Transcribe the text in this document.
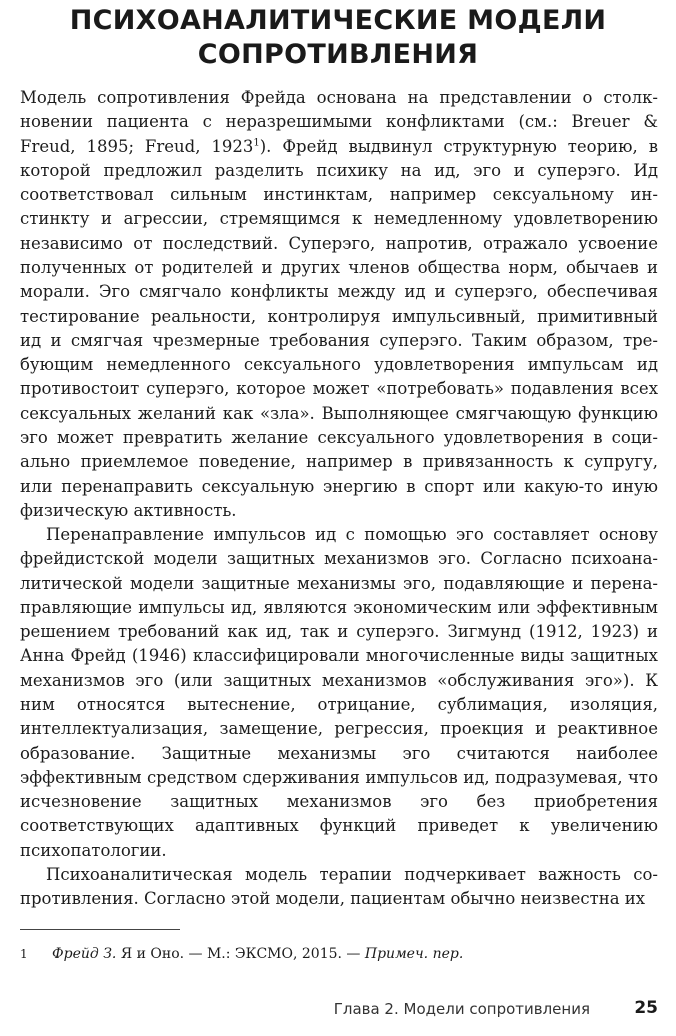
ПСИХОАНАЛИТИЧЕСКИЕ МОДЕЛИ
СОПРОТИВЛЕНИЯ

Модель сопротивления Фрейда основана на представлении о столкновении пациента с неразрешимыми конфликтами (см.: Breuer & Freud, 1895; Freud, 1923$^1$). Фрейд выдвинул структурную теорию, в которой предложил разделить психику на ид, эго и суперэго. Ид соответствовал сильным инстинктам, например сексуальному инстинкту и агрессии, стремящимся к немедленному удовлетворению независимо от последствий. Суперэго, напротив, отражало усвоение полученных от родителей и других членов общества норм, обычаев и морали. Эго смягчало конфликты между ид и суперэго, обеспечивая тестирование реальности, контролируя импульсивный, примитивный ид и смягчая чрезмерные требования суперэго. Таким образом, требующим немедленного сексуального удовлетворения импульсам ид противостоит суперэго, которое может «потребовать» подавления всех сексуальных желаний как «зла». Выполняющее смягчающую функцию эго может превратить желание сексуального удовлетворения в социально приемлемое поведение, например в привязанность к супругу, или перенаправить сексуальную энергию в спорт или какую-то иную физическую активность.

Перенаправление импульсов ид с помощью эго составляет основу фрейдистской модели защитных механизмов эго. Согласно психоаналитической модели защитные механизмы эго, подавляющие и перенаправляющие импульсы ид, являются экономическим или эффективным решением требований как ид, так и суперэго. Зигмунд (1912, 1923) и Анна Фрейд (1946) классифицировали многочисленные виды защитных механизмов эго (или защитных механизмов «обслуживания эго»). К ним относятся вытеснение, отрицание, сублимация, изоляция, интеллектуализация, замещение, регрессия, проекция и реактивное образование. Защитные механизмы эго считаются наиболее эффективным средством сдерживания импульсов ид, подразумевая, что исчезновение защитных механизмов эго без приобретения соответствующих адаптивных функций приведет к увеличению психопатологии.

Психоаналитическая модель терапии подчеркивает важность сопротивления. Согласно этой модели, пациентам обычно неизвестна их

1 Фрейд З. Я и Оно. — М.: ЭКСМО, 2015. — Примеч. пер.
Глава 2. Модели сопротивления	25
